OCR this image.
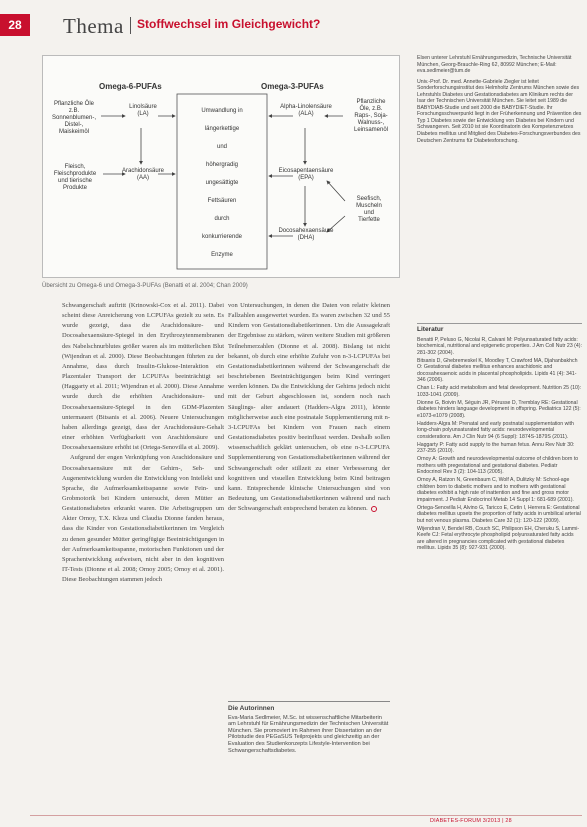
28	Thema Stoffwechsel im Gleichgewicht?
Omega-6-PUFAs	Omega-3-PUFAs
Pflanzliche Öle
z.B.
Sonnenblumen-,
Distel-,
Maiskeimöl
Linolsäure
(LA)
Arachidonsäure
(AA)
Fleisch,
Fleischprodukte
und tierische
Produkte
Umwandlung in
längerkettige
und
höhergradig
ungesättigte
Fettsäuren
durch
konkurrierende
Enzyme
Alpha-Linolensäure
(ALA)
Pflanzliche
Öle, z.B.
Raps-, Soja-
Walnuss-,
Leinsamenöl
Eicosapentaensäure
(EPA)
Docosahexaensäure
(DHA)
Seefisch,
Muscheln
und
Tierfette
Übersicht zu Omega-6 und Omega-3-PUFAs (Benatti et al. 2004; Chan 2009)
Elsen unterer Lehrstuhl Ernährungsmedizin, Technische Universität München, Georg-Brauchle-Ring 62, 80992 München; E-Mail: eva.sedlmeier@tum.de
Univ.-Prof. Dr. med. Annette-Gabriele Ziegler ist leitet Sonderforschungsinstitut des Helmholtz Zentrums München sowie des Lehrstuhls Diabetes und Gestationsdiabetes am Klinikum rechts der Isar der Technischen Universität München. Sie leitet seit 1989 die BABYDIAB-Studie und seit 2000 die BABYDIET-Studie. Ihr Forschungsschwerpunkt liegt in der Früherkennung und Prävention des Typ 1 Diabetes sowie der Entwicklung von Diabetes bei Kindern und Schwangeren. Seit 2010 ist sie Koordinatorin des Kompetenznetzes Diabetes mellitus und Mitglied des Diabetes-Forschungsverbundes des Deutschen Zentrums für Diabetesforschung.
Literatur
Benatti P, Peluso G, Nicolai R, Calvani M: Polyunsaturated fatty acids: biochemical, nutritional and epigenetic properties. J Am Coll Nutr 23 (4): 281-302 (2004).
Bitsanis D, Ghebremeskel K, Moodley T, Crawford MA, Djahanbakhch O: Gestational diabetes mellitus enhances arachidonic and docosahexaenoic acids in placental phospholipids. Lipids 41 (4): 341-346 (2006).
Chan L: Fatty acid metabolism and fetal development. Nutrition 25 (10): 1033-1041 (2009).
Dionne G, Boivin M, Séguin JR, Pérusse D, Tremblay RE: Gestational diabetes hinders language development in offspring. Pediatrics 122 (5): e1073-e1079 (2008).
Hadders-Algra M: Prenatal and early postnatal supplementation with long-chain polyunsaturated fatty acids: neurodevelopmental considerations. Am J Clin Nutr 94 (6 Suppl): 1874S-1879S (2011).
Haggarty P: Fatty acid supply to the human fetus. Annu Rev Nutr 30: 237-255 (2010).
Ornoy A: Growth and neurodevelopmental outcome of children born to mothers with pregestational and gestational diabetes. Pediatr Endocrinol Rev 3 (2): 104-113 (2005).
Ornoy A, Ratzon N, Greenbaum C, Wolf A, Dulitzky M: School-age children born to diabetic mothers and to mothers with gestational diabetes exhibit a high rate of inattention and fine and gross motor impairment. J Pediatr Endocrinol Metab 14 Suppl 1: 681-689 (2001).
Ortega-Senovilla H, Alvino G, Taricco E, Cetin I, Herrera E: Gestational diabetes mellitus upsets the proportion of fatty acids in umbilical arterial but not venous plasma. Diabetes Care 32 (1): 120-122 (2009).
Wijendran V, Bendel RB, Couch SC, Philipson EH, Cheruku S, Lammi-Keefe CJ: Fetal erythrocyte phospholipid polyunsaturated fatty acids are altered in pregnancies complicated with gestational diabetes mellitus. Lipids 35 (8): 927-931 (2000).

Schwangerschaft auftritt (Krinowski-Cox et al. 2011). Dabei scheint diese Anreicherung von LCPUFAs gezielt zu sein. Es wurde gezeigt, dass die Arachidonsäure- und Docosahexaensäure-Spiegel in den Erythrozytenmembranen des Nabelschnurblutes größer waren als im mütterlichen Blut (Wijendran et al. 2000). Diese Beobachtungen führten zu der Annahme, dass durch Insulin-Glukose-Interaktion ein Plazentaler Transport der LCPUFAs beeinträchtigt sei (Haggarty et al. 2011; Wijendran et al. 2000). Diese Annahme wurde durch die erhöhten Arachidonsäure- und Docosahexaensäure-Spiegel in den GDM-Plazenten untermauert (Bitsanis et al. 2006). Neuere Untersuchungen haben allerdings gezeigt, dass der Arachidonsäure-Gehalt einer erhöhten Verfügbarkeit von Arachidonsäure und Docosahexaensäure erhöht ist (Ortega-Senovilla et al. 2009).

Aufgrund der engen Verknüpfung von Arachidonsäure und Docosahexaensäure mit der Gehirn-, Seh- und Augenentwicklung wurden die Entwicklung von Intellekt und Sprache, die Aufmerksamkeitsspanne sowie Fein- und Grobmotorik bei Kindern untersucht, deren Mütter an Gestationsdiabetes erkrankt waren. Die Arbeitsgruppen um Akter Ornoy, T.X. Kleza und Claudia Dionne fanden heraus, dass die Kinder von Gestationsdiabetikerinnen im Vergleich zu denen gesunder Mütter geringfügige Beeinträchtigungen in der Aufmerksamkeitsspanne, motorischen Funktionen und der Sprachentwicklung aufweisen, nicht aber in den kognitiven IT-Tests (Dionne et al. 2008; Ornoy 2005; Ornoy et al. 2001). Diese Beobachtungen stammen jedoch

von Untersuchungen, in denen die Daten von relativ kleinen Fallzahlen ausgewertet wurden. Es waren zwischen 32 und 55 Kindern von Gestationsdiabetikerinnen. Um die Aussagekraft der Ergebnisse zu stärken, wären weitere Studien mit größeren Teilnehmerzahlen (Dionne et al. 2008). Bislang ist nicht bekannt, ob durch eine erhöhte Zufuhr von n-3-LCPUFAs bei Gestationsdiabetikerinnen während der Schwangerschaft die beschriebenen Beeinträchtigungen beim Kind verringert werden können. Da die Entwicklung der Gehirns jedoch nicht mit der Geburt abgeschlossen ist, sondern noch nach Säuglings- alter andauert (Hadders-Algra 2011), könnte möglicherweise auch eine postnatale Supplementierung mit n-3-LCPUFAs bei Kindern von Frauen nach einem Gestationsdiabetes positiv beeinflusst werden. Deshalb sollen wissenschaftlich geklärt untersuchen, ob eine n-3-LCPUFA Supplementierung von Gestationsdiabetikerinnen während der Schwangerschaft oder stillzeit zu einer Verbesserung der kognitiven und visuellen Entwicklung beim Kind beitragen kann. Entsprechende klinische Untersuchungen sind von Bedeutung, um Gestationsdiabetikerinnen während und nach der Schwangerschaft entsprechend beraten zu können.

Die Autorinnen
Eva-Maria Sedlmeier, M.Sc. ist wissenschaftliche Mitarbeiterin am Lehrstuhl für Ernährungsmedizin der Technischen Universität München. Sie promoviert im Rahmen ihrer Dissertation an der Pilotstudie des PEGaSUS Teilprojekts und gleichzeitig an der Evaluation des Studienkonzepts Lifestyle-Intervention bei Schwangerschaftsdiabetes.
DIABETES-FORUM 3/2013 | 28
